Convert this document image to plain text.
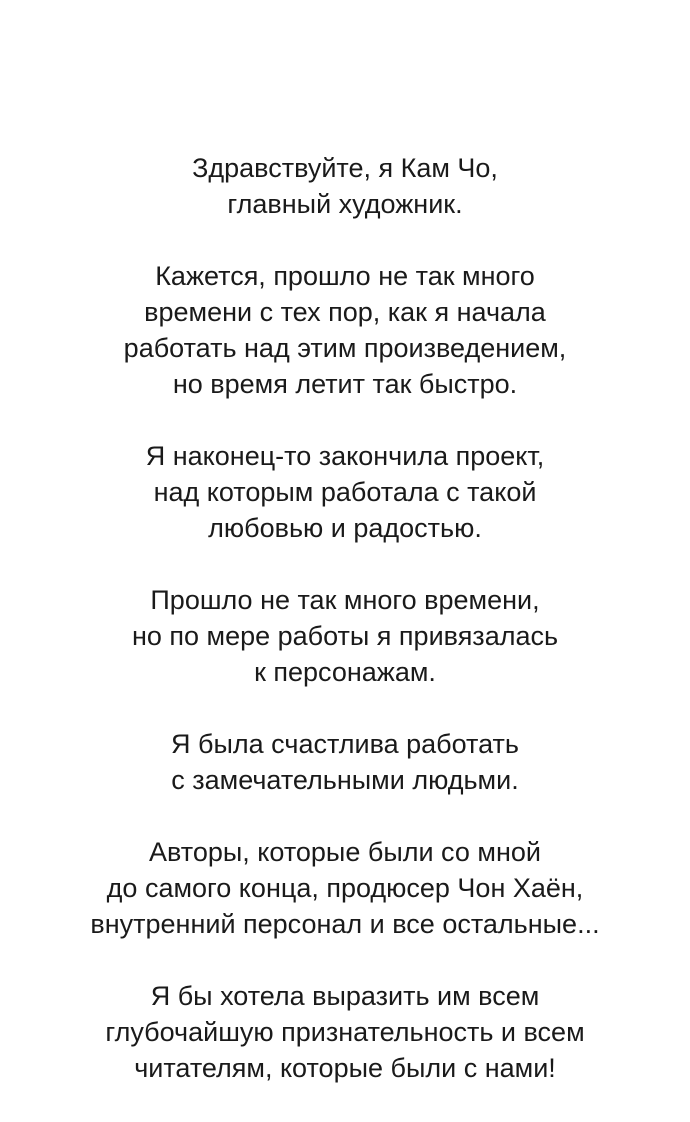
Здравствуйте, я Кам Чо,
главный художник.

Кажется, прошло не так много
времени с тех пор, как я начала
работать над этим произведением,
но время летит так быстро.

Я наконец-то закончила проект,
над которым работала с такой
любовью и радостью.

Прошло не так много времени,
но по мере работы я привязалась
к персонажам.

Я была счастлива работать
с замечательными людьми.

Авторы, которые были со мной
до самого конца, продюсер Чон Хаён,
внутренний персонал и все остальные...

Я бы хотела выразить им всем
глубочайшую признательность и всем
читателям, которые были с нами!
